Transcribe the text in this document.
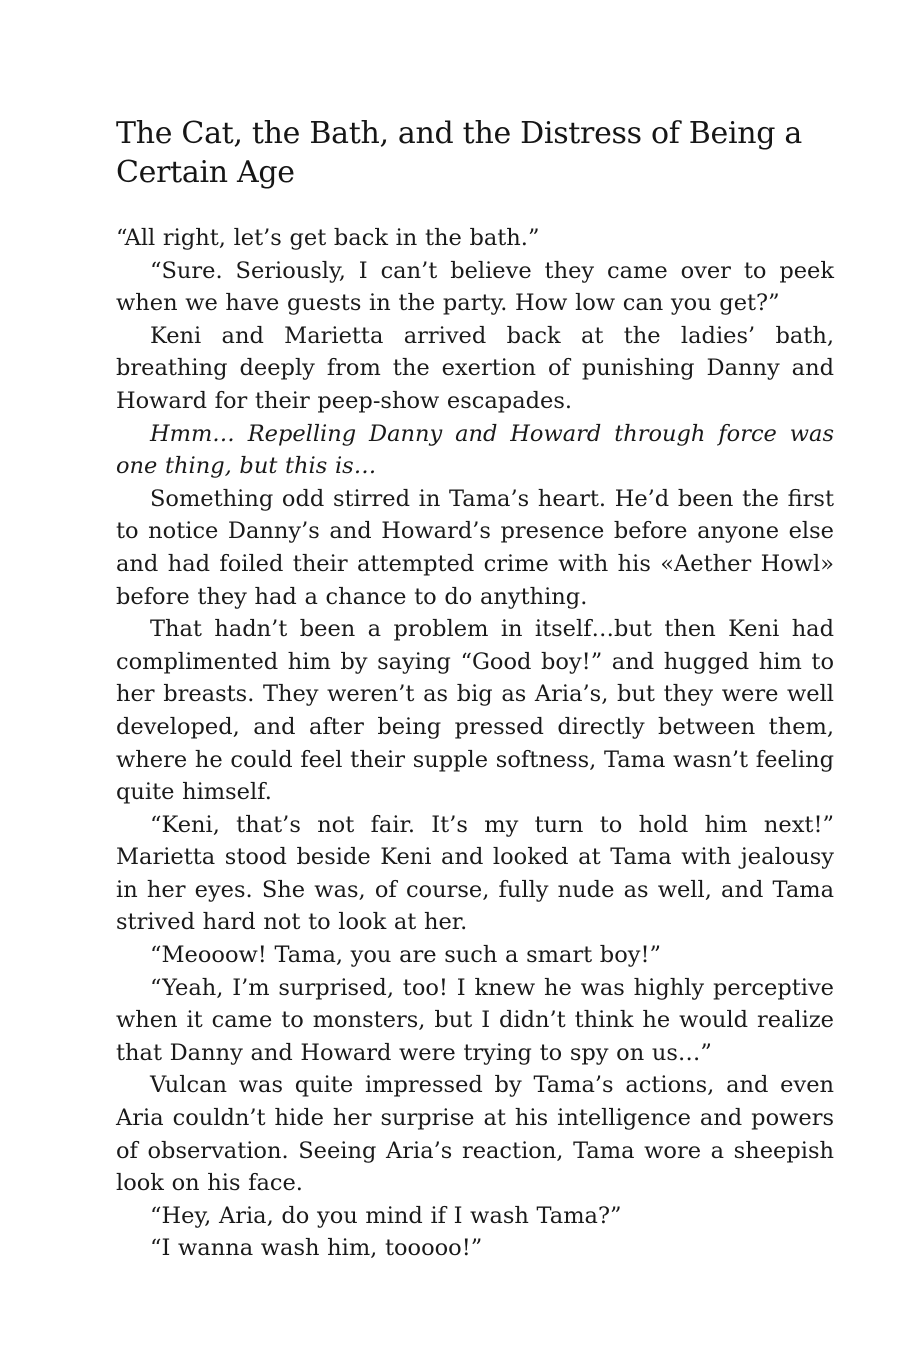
The Cat, the Bath, and the Distress of Being a Certain Age

“All right, let’s get back in the bath.”

“Sure. Seriously, I can’t believe they came over to peek when we have guests in the party. How low can you get?”

Keni and Marietta arrived back at the ladies’ bath, breathing deeply from the exertion of punishing Danny and Howard for their peep-show escapades.

Hmm… Repelling Danny and Howard through force was one thing, but this is…

Something odd stirred in Tama’s heart. He’d been the first to notice Danny’s and Howard’s presence before anyone else and had foiled their attempted crime with his «Aether Howl» before they had a chance to do anything.

That hadn’t been a problem in itself…but then Keni had complimented him by saying “Good boy!” and hugged him to her breasts. They weren’t as big as Aria’s, but they were well developed, and after being pressed directly between them, where he could feel their supple softness, Tama wasn’t feeling quite himself.

“Keni, that’s not fair. It’s my turn to hold him next!” Marietta stood beside Keni and looked at Tama with jealousy in her eyes. She was, of course, fully nude as well, and Tama strived hard not to look at her.

“Meooow! Tama, you are such a smart boy!”

“Yeah, I’m surprised, too! I knew he was highly perceptive when it came to monsters, but I didn’t think he would realize that Danny and Howard were trying to spy on us…”

Vulcan was quite impressed by Tama’s actions, and even Aria couldn’t hide her surprise at his intelligence and powers of observation. Seeing Aria’s reaction, Tama wore a sheepish look on his face.

“Hey, Aria, do you mind if I wash Tama?”

“I wanna wash him, tooooo!”
